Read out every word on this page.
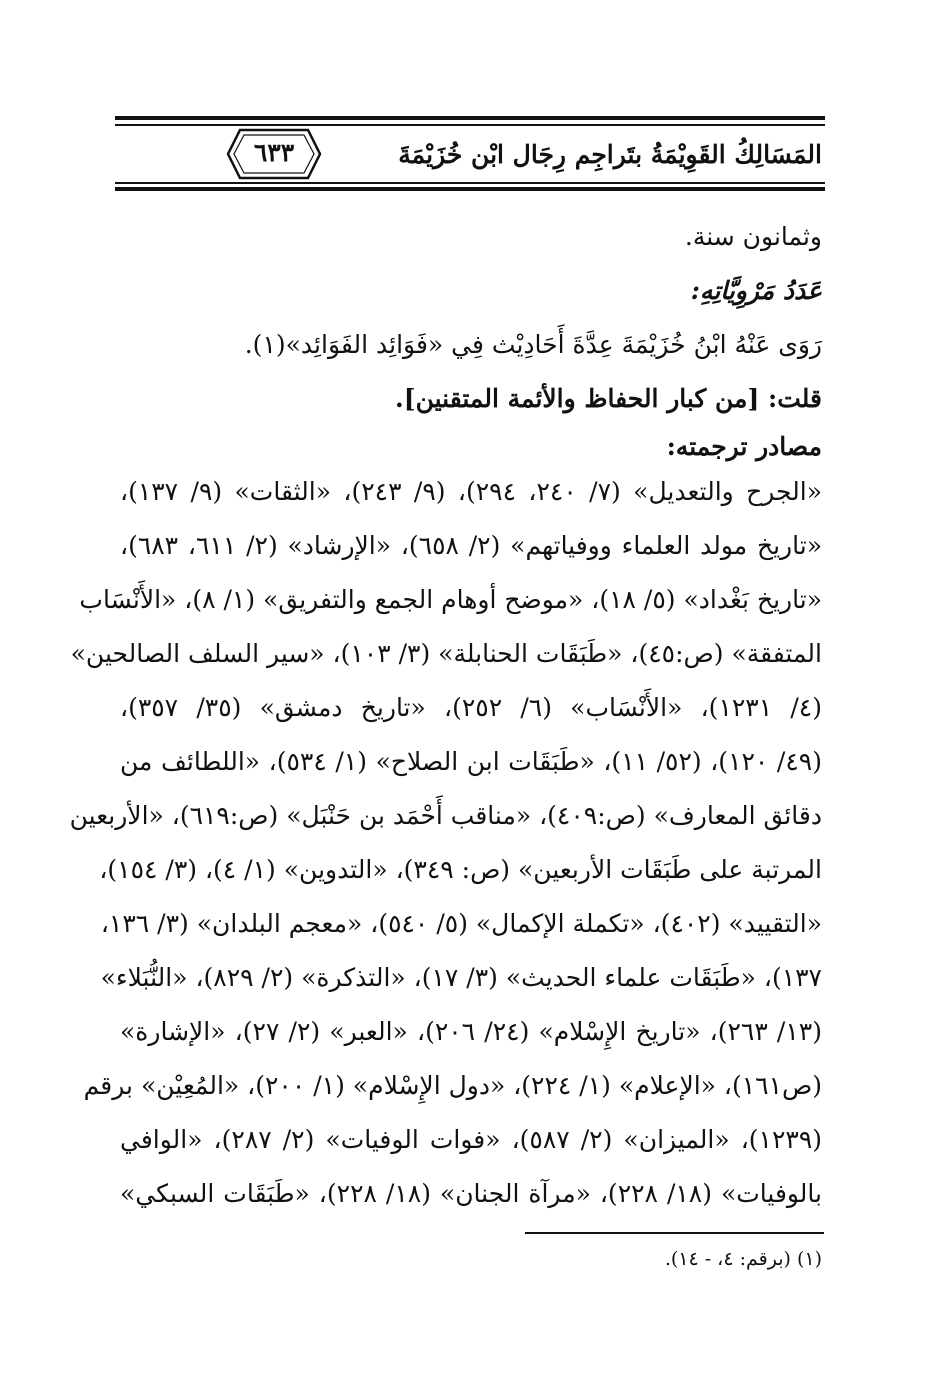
٦٣٣	المَسَالِكُ القَوِيْمَةُ بتَراجِم رِجَال ابْن خُزَيْمَةَ
وثمانون سنة.
عَدَدُ مَرْوِيَّاتِهِ:
رَوَى عَنْهُ ابْنُ خُزَيْمَةَ عِدَّةَ أَحَادِيْث فِي «فَوَائِد الفَوَائِد»(١).
قلت: [من كبار الحفاظ والأئمة المتقنين].
مصادر ترجمته:
«الجرح والتعديل» (٧/ ٢٤٠، ٢٩٤)، (٩/ ٢٤٣)، «الثقات» (٩/ ١٣٧)،
«تاريخ مولد العلماء ووفياتهم» (٢/ ٦٥٨)، «الإرشاد» (٢/ ٦١١، ٦٨٣)،
«تاريخ بَغْداد» (٥/ ١٨)، «موضح أوهام الجمع والتفريق» (١/ ٨)، «الأَنْسَاب
المتفقة» (ص:٤٥)، «طَبَقَات الحنابلة» (٣/ ١٠٣)، «سير السلف الصالحين»
(٤/ ١٢٣١)، «الأَنْسَاب» (٦/ ٢٥٢)، «تاريخ دمشق» (٣٥/ ٣٥٧)،
(٤٩/ ١٢٠)، (٥٢/ ١١)، «طَبَقَات ابن الصلاح» (١/ ٥٣٤)، «اللطائف من
دقائق المعارف» (ص:٤٠٩)، «مناقب أَحْمَد بن حَنْبَل» (ص:٦١٩)، «الأربعين
المرتبة على طَبَقَات الأربعين» (ص: ٣٤٩)، «التدوين» (١/ ٤)، (٣/ ١٥٤)،
«التقييد» (٤٠٢)، «تكملة الإكمال» (٥/ ٥٤٠)، «معجم البلدان» (٣/ ١٣٦،
١٣٧)، «طَبَقَات علماء الحديث» (٣/ ١٧)، «التذكرة» (٢/ ٨٢٩)، «النُّبَلاء»
(١٣/ ٢٦٣)، «تاريخ الإِسْلام» (٢٤/ ٢٠٦)، «العبر» (٢/ ٢٧)، «الإشارة»
(ص١٦١)، «الإعلام» (١/ ٢٢٤)، «دول الإِسْلام» (١/ ٢٠٠)، «المُعِيْن» برقم
(١٢٣٩)، «الميزان» (٢/ ٥٨٧)، «فوات الوفيات» (٢/ ٢٨٧)، «الوافي
بالوفيات» (١٨/ ٢٢٨)، «مرآة الجنان» (١٨/ ٢٢٨)، «طَبَقَات السبكي»
(١) (برقم: ٤، - ١٤).
